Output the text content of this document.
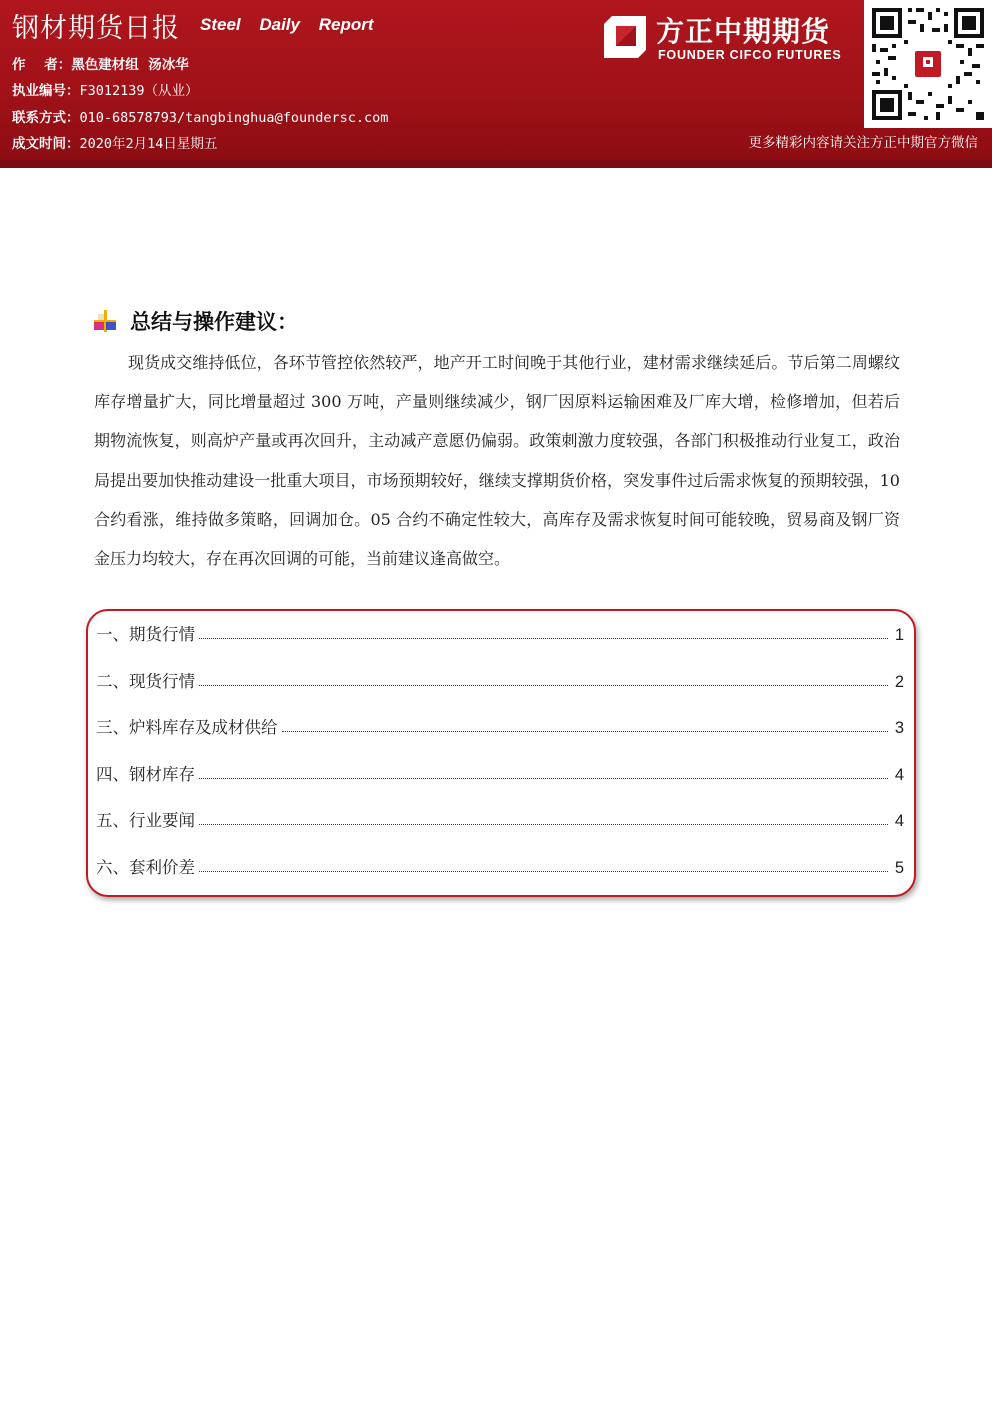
钢材期货日报 Steel Daily Report
作    者：黑色建材组  汤冰华
执业编号：F3012139（从业）
联系方式：010-68578793/tangbinghua@foundersc.com
成文时间：2020年2月14日星期五
方正中期期货
FOUNDER CIFCO FUTURES
更多精彩内容请关注方正中期官方微信
总结与操作建议：
现货成交维持低位，各环节管控依然较严，地产开工时间晚于其他行业，建材需求继续延后。节后第二周螺纹库存增量扩大，同比增量超过 300 万吨，产量则继续减少，钢厂因原料运输困难及厂库大增，检修增加，但若后期物流恢复，则高炉产量或再次回升，主动减产意愿仍偏弱。政策刺激力度较强，各部门积极推动行业复工，政治局提出要加快推动建设一批重大项目，市场预期较好，继续支撑期货价格，突发事件过后需求恢复的预期较强，10 合约看涨，维持做多策略，回调加仓。05 合约不确定性较大，高库存及需求恢复时间可能较晚，贸易商及钢厂资金压力均较大，存在再次回调的可能，当前建议逢高做空。
一、期货行情	1
二、现货行情	2
三、炉料库存及成材供给	3
四、钢材库存	4
五、行业要闻	4
六、套利价差	5
